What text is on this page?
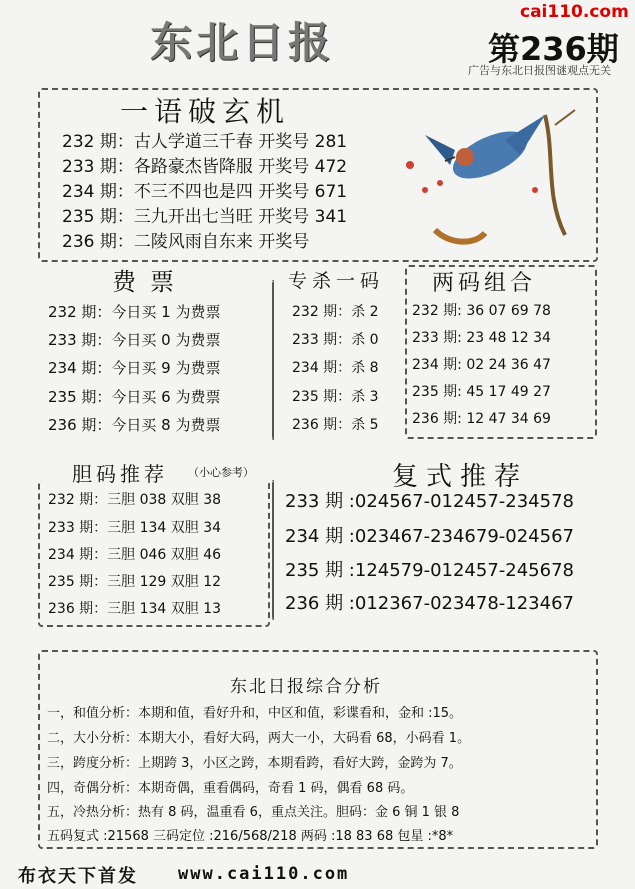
东北日报
cai110.com
第236期
广告与东北日报图谜观点无关
一语破玄机
232 期：古人学道三千春 开奖号 281
233 期：各路豪杰皆降服 开奖号 472
234 期：不三不四也是四 开奖号 671
235 期：三九开出七当旺 开奖号 341
236 期：二陵风雨自东来 开奖号
费票
232 期：今日买 1 为费票
233 期：今日买 0 为费票
234 期：今日买 9 为费票
235 期：今日买 6 为费票
236 期：今日买 8 为费票
专杀一码
232 期：杀 2
233 期：杀 0
234 期：杀 8
235 期：杀 3
236 期：杀 5
两码组合
232 期: 36 07 69 78
233 期: 23 48 12 34
234 期: 02 24 36 47
235 期: 45 17 49 27
236 期: 12 47 34 69
胆码推荐 （小心参考）
232 期：三胆 038 双胆 38
233 期：三胆 134 双胆 34
234 期：三胆 046 双胆 46
235 期：三胆 129 双胆 12
236 期：三胆 134 双胆 13
复式推荐
233 期 :024567-012457-234578
234 期 :023467-234679-024567
235 期 :124579-012457-245678
236 期 :012367-023478-123467
东北日报综合分析
一，和值分析：本期和值，看好升和，中区和值，彩谍看和，金和 :15。
二，大小分析：本期大小，看好大码，两大一小，大码看 68，小码看 1。
三，跨度分析：上期跨 3，小区之跨，本期看跨，看好大跨，金跨为 7。
四，奇偶分析：本期奇偶，重看偶码，奇看 1 码，偶看 68 码。
五，冷热分析：热有 8 码，温重看 6，重点关注。胆码：金 6 铜 1 银 8
五码复式 :21568 三码定位 :216/568/218 两码 :18 83 68 包星 :*8*
布衣天下首发 www.cai110.com
